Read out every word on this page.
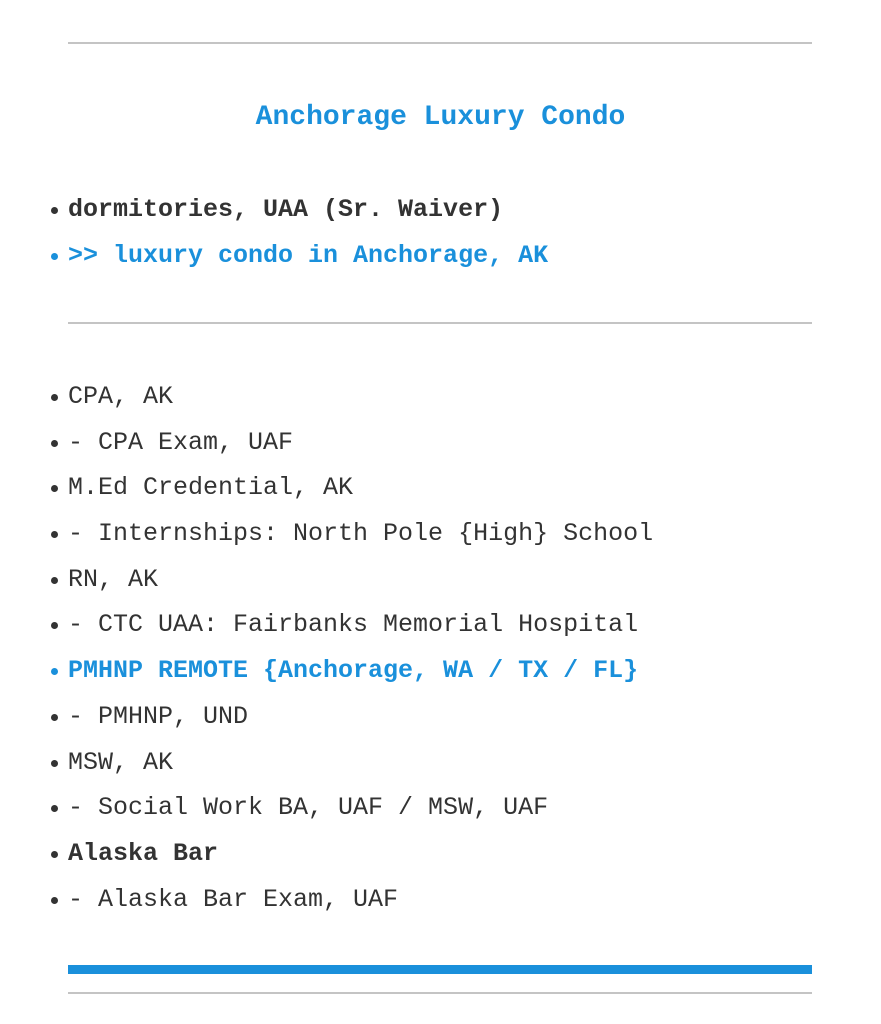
Anchorage Luxury Condo
dormitories, UAA (Sr. Waiver)
>> luxury condo in Anchorage, AK
CPA, AK
- CPA Exam, UAF
M.Ed Credential, AK
- Internships: North Pole {High} School
RN, AK
- CTC UAA: Fairbanks Memorial Hospital
PMHNP REMOTE {Anchorage, WA / TX / FL}
- PMHNP, UND
MSW, AK
- Social Work BA, UAF / MSW, UAF
Alaska Bar
- Alaska Bar Exam, UAF
